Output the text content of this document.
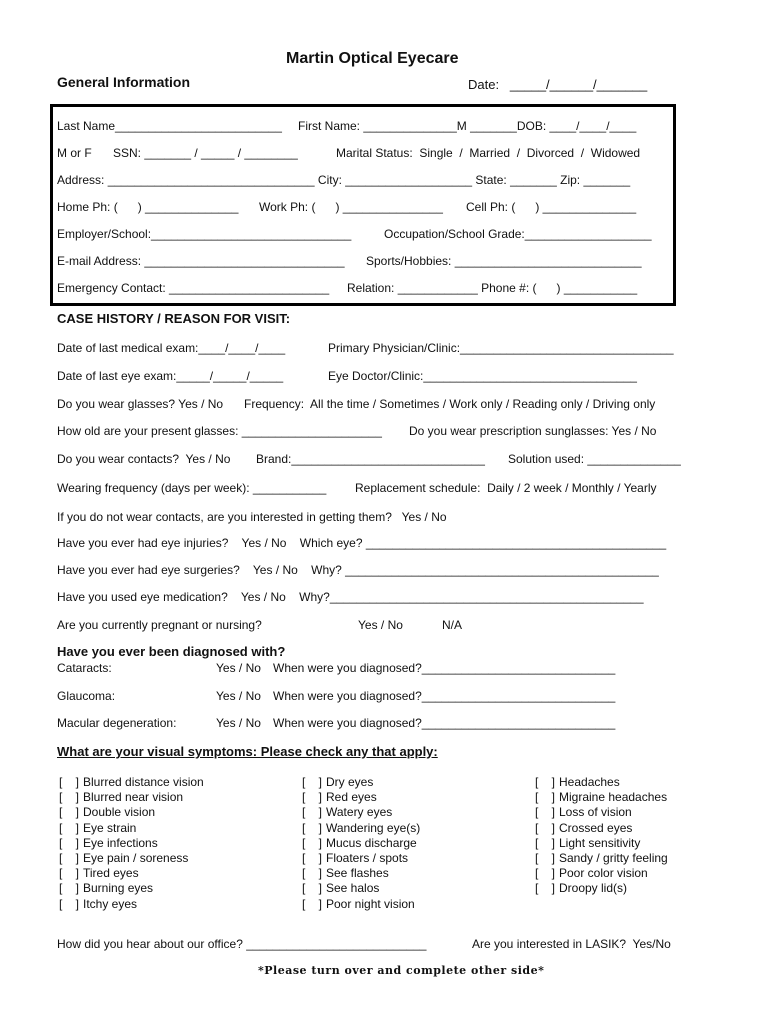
Martin Optical Eyecare
General Information	Date:   _____/______/_______
Last Name_________________________ First Name: ______________M _______DOB: ____/____/____
M or F SSN: _______ / _____ / ________	Marital Status:  Single  /  Married  /  Divorced  /  Widowed
Address: _______________________________ City: ___________________ State: _______ Zip: _______
Home Ph: (      ) ______________ Work Ph: (      ) _______________ Cell Ph: (      ) ______________
Employer/School:______________________________	Occupation/School Grade:___________________
E-mail Address: ______________________________ Sports/Hobbies: ____________________________
Emergency Contact: ________________________ Relation: ____________ Phone #: (      ) ___________
CASE HISTORY / REASON FOR VISIT:
Date of last medical exam:____/____/____	Primary Physician/Clinic:________________________________
Date of last eye exam:_____/_____/_____	Eye Doctor/Clinic:________________________________
Do you wear glasses? Yes / No Frequency:  All the time / Sometimes / Work only / Reading only / Driving only
How old are your present glasses: _____________________ Do you wear prescription sunglasses: Yes / No
Do you wear contacts?  Yes / No Brand:_____________________________ Solution used: ______________
Wearing frequency (days per week): ___________ Replacement schedule:  Daily / 2 week / Monthly / Yearly
If you do not wear contacts, are you interested in getting them?   Yes / No
Have you ever had eye injuries?    Yes / No    Which eye? _____________________________________________
Have you ever had eye surgeries?    Yes / No    Why? _______________________________________________
Have you used eye medication?    Yes / No    Why?_______________________________________________
Are you currently pregnant or nursing?	Yes / No	N/A
Have you ever been diagnosed with?
Cataracts:	Yes / No When were you diagnosed?_____________________________
Glaucoma:	Yes / No When were you diagnosed?_____________________________
Macular degeneration:	Yes / No When were you diagnosed?_____________________________
What are your visual symptoms: Please check any that apply:
[    ] Blurred distance vision
[    ] Blurred near vision
[    ] Double vision
[    ] Eye strain
[    ] Eye infections
[    ] Eye pain / soreness
[    ] Tired eyes
[    ] Burning eyes
[    ] Itchy eyes
[    ] Dry eyes
[    ] Red eyes
[    ] Watery eyes
[    ] Wandering eye(s)
[    ] Mucus discharge
[    ] Floaters / spots
[    ] See flashes
[    ] See halos
[    ] Poor night vision
[    ] Headaches
[    ] Migraine headaches
[    ] Loss of vision
[    ] Crossed eyes
[    ] Light sensitivity
[    ] Sandy / gritty feeling
[    ] Poor color vision
[    ] Droopy lid(s)
How did you hear about our office? ___________________________	Are you interested in LASIK?  Yes/No
*Please turn over and complete other side*
